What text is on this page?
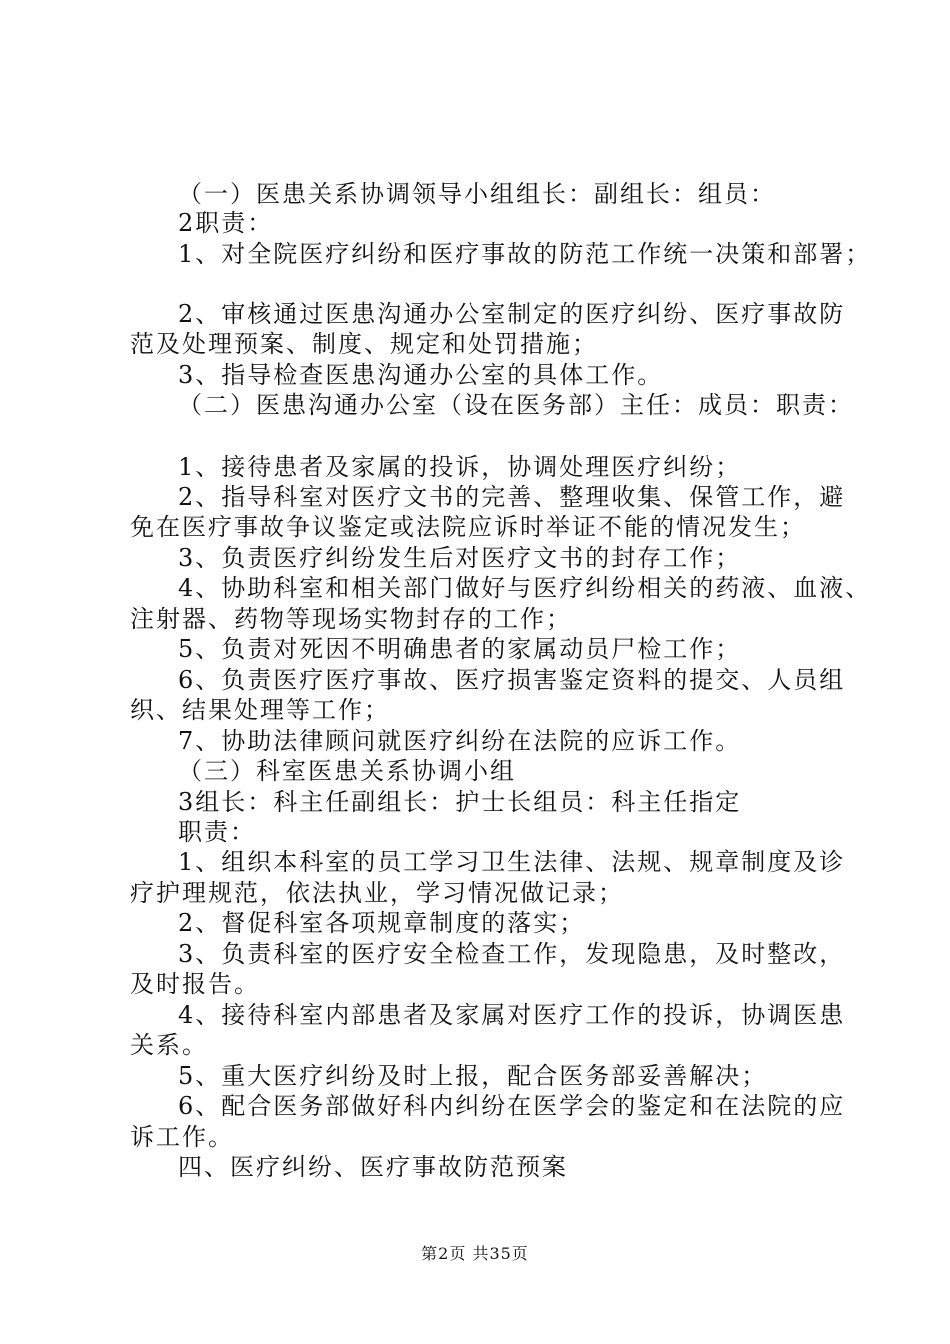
（一）医患关系协调领导小组组长：副组长：组员：
2职责：
1、对全院医疗纠纷和医疗事故的防范工作统一决策和部署；
2、审核通过医患沟通办公室制定的医疗纠纷、医疗事故防
范及处理预案、制度、规定和处罚措施；
3、指导检查医患沟通办公室的具体工作。
（二）医患沟通办公室（设在医务部）主任：成员：职责：
1、接待患者及家属的投诉，协调处理医疗纠纷；
2、指导科室对医疗文书的完善、整理收集、保管工作，避
免在医疗事故争议鉴定或法院应诉时举证不能的情况发生；
3、负责医疗纠纷发生后对医疗文书的封存工作；
4、协助科室和相关部门做好与医疗纠纷相关的药液、血液、
注射器、药物等现场实物封存的工作；
5、负责对死因不明确患者的家属动员尸检工作；
6、负责医疗医疗事故、医疗损害鉴定资料的提交、人员组
织、结果处理等工作；
7、协助法律顾问就医疗纠纷在法院的应诉工作。
（三）科室医患关系协调小组
3组长：科主任副组长：护士长组员：科主任指定
职责：
1、组织本科室的员工学习卫生法律、法规、规章制度及诊
疗护理规范，依法执业，学习情况做记录；
2、督促科室各项规章制度的落实；
3、负责科室的医疗安全检查工作，发现隐患，及时整改，
及时报告。
4、接待科室内部患者及家属对医疗工作的投诉，协调医患
关系。
5、重大医疗纠纷及时上报，配合医务部妥善解决；
6、配合医务部做好科内纠纷在医学会的鉴定和在法院的应
诉工作。
四、医疗纠纷、医疗事故防范预案
第2页 共35页
